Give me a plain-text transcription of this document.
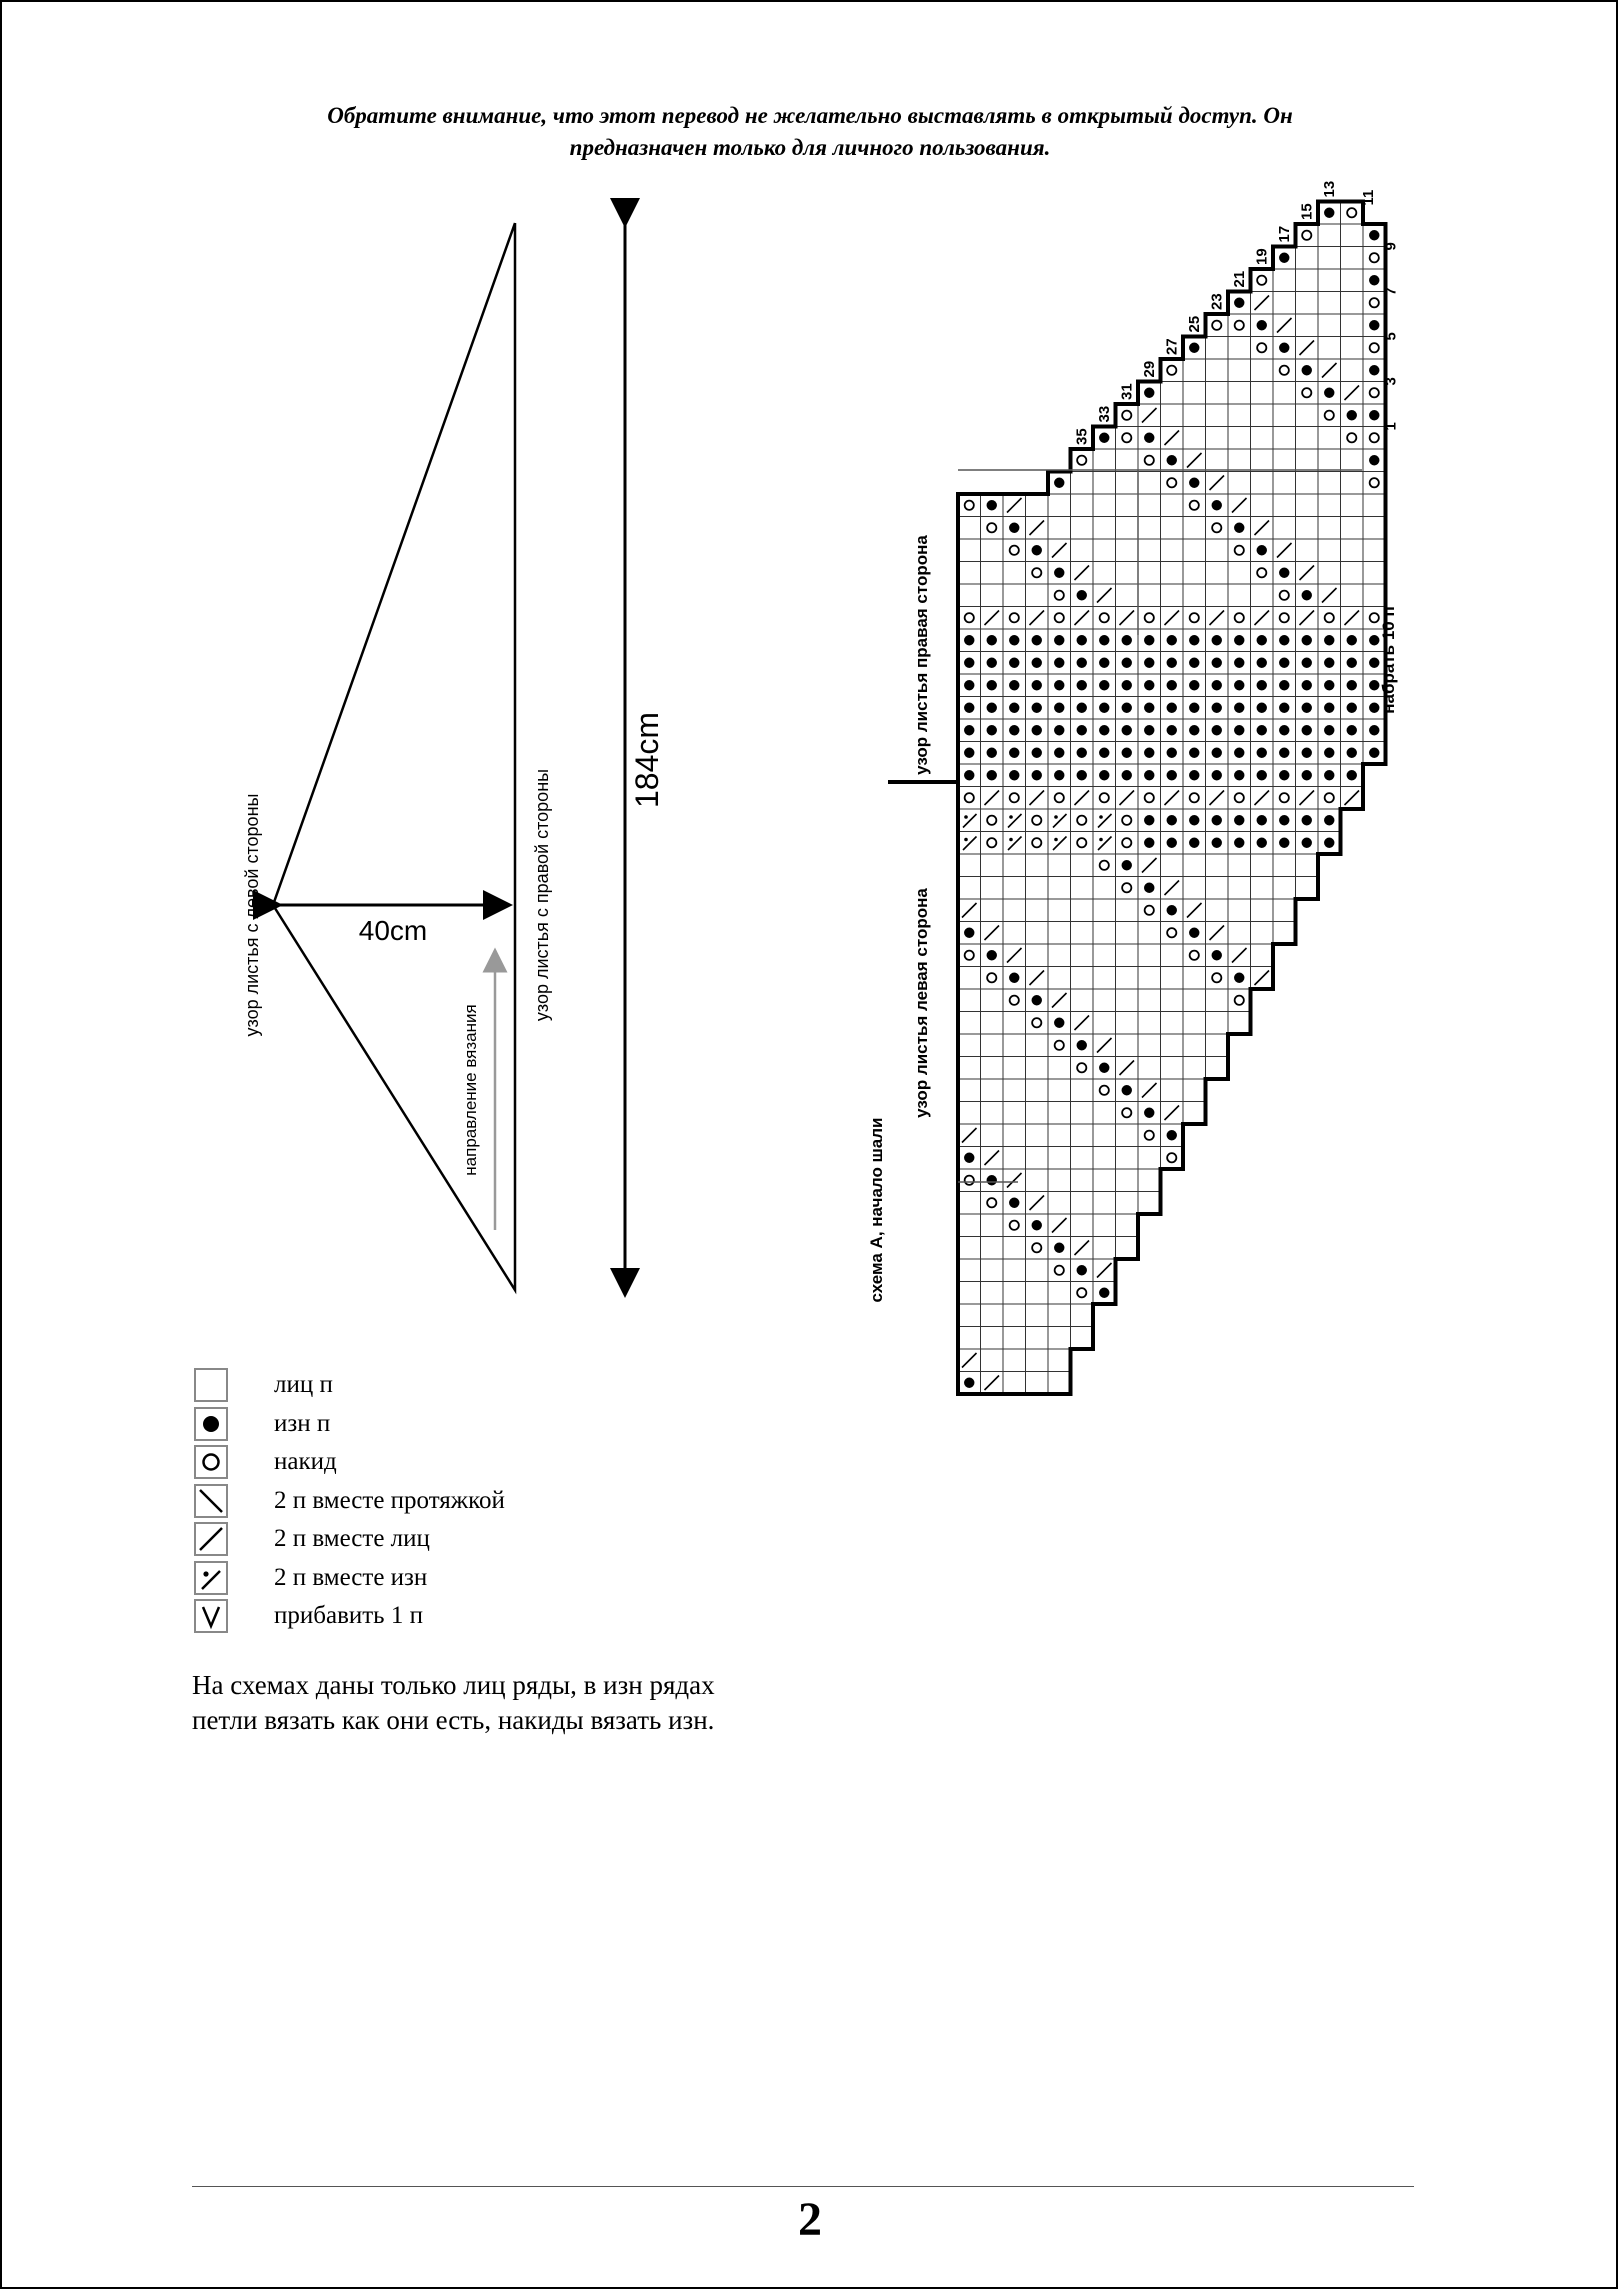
Обратите внимание, что этот перевод не желательно выставлять в открытый доступ. Он
предназначен только для личного пользования.
40cm
184cm
узор листья с левой стороны	узор листья с правой стороны
направление вязания
1
3
5
7
9
11
13
15
17
19
21
23
25
27
29
31
33
35
узор листья правая сторона
узор листья левая сторона
схема А, начало шали
набрать 10 п
лиц п
изн п
накид
2 п вместе протяжкой
2 п вместе лиц
2 п вместе изн
прибавить 1 п
На схемах даны только лиц ряды, в изн рядах петли вязать как они есть, накиды вязать изн.
2
